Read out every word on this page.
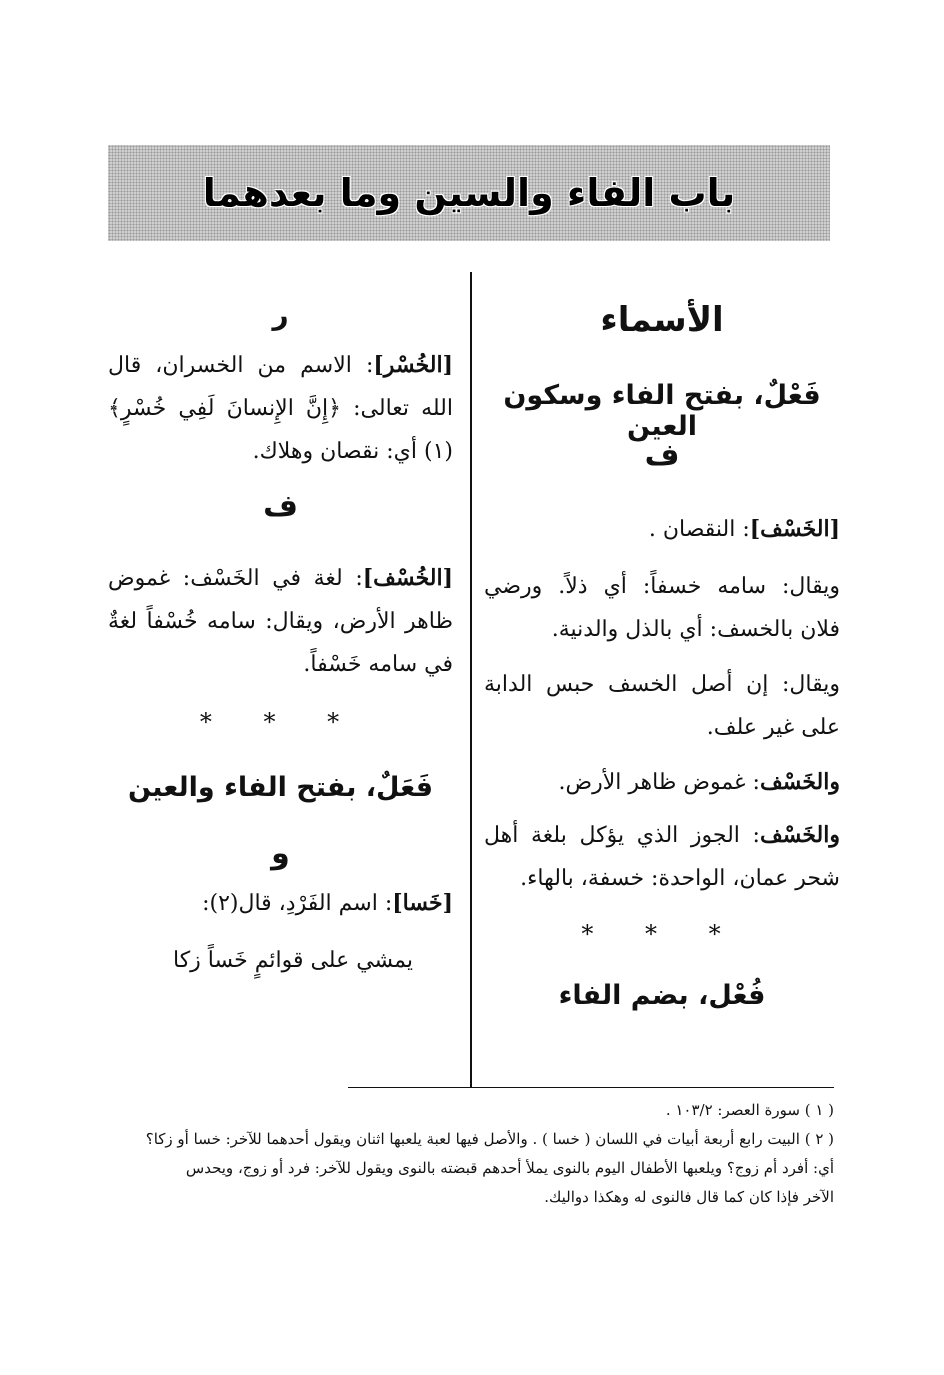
باب الفاء والسين وما بعدهما
الأسماء
فَعْلٌ، بفتح الفاء وسكون العين
ف

[الخَسْف]: النقصان .

ويقال: سامه خسفاً: أي ذلاً. ورضي فلان بالخسف: أي بالذل والدنية.

ويقال: إن أصل الخسف حبس الدابة على غير علف.

والخَسْف: غموض ظاهر الأرض.

والخَسْف: الجوز الذي يؤكل بلغة أهل شحر عمان، الواحدة: خسفة، بالهاء.

* * *
فُعْل، بضم الفاء
ر

[الخُسْر]: الاسم من الخسران، قال الله تعالى: ﴿إِنَّ الإِنسانَ لَفِي خُسْرٍ﴾(١) أي: نقصان وهلاك.

ف

[الخُسْف]: لغة في الخَسْف: غموض ظاهر الأرض، ويقال: سامه خُسْفاً لغةٌ في سامه خَسْفاً.

* * *
فَعَلٌ، بفتح الفاء والعين
و

[خَسا]: اسم الفَرْدِ، قال(٢):

يمشي على قوائمٍ خَساً زكا

( ١ ) سورة العصر: ١٠٣/٢ .

( ٢ ) البيت رابع أربعة أبيات في اللسان ( خسا ) . والأصل فيها لعبة يلعبها اثنان ويقول أحدهما للآخر: خسا أو زكا؟

أي: أفرد أم زوج؟ ويلعبها الأطفال اليوم بالنوى يملأ أحدهم قبضته بالنوى ويقول للآخر: فرد أو زوج، ويحدس

الآخر فإذا كان كما قال فالنوى له وهكذا دواليك.
